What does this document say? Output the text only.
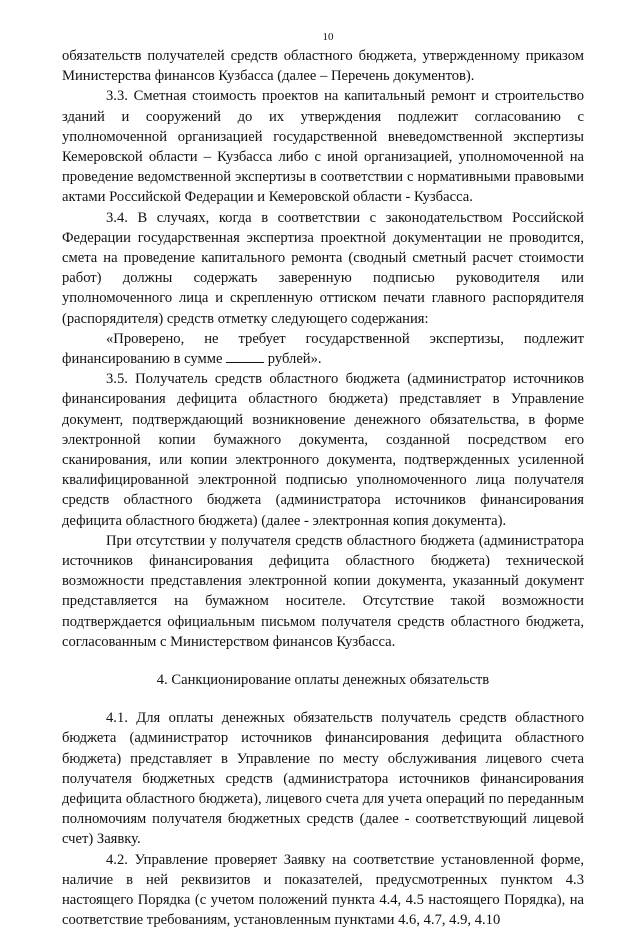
10

обязательств получателей средств областного бюджета, утвержденному приказом Министерства финансов Кузбасса (далее – Перечень документов).

3.3. Сметная стоимость проектов на капитальный ремонт и строительство зданий и сооружений до их утверждения подлежит согласованию с уполномоченной организацией государственной вневедомственной экспертизы Кемеровской области – Кузбасса либо с иной организацией, уполномоченной на проведение ведомственной экспертизы в соответствии с нормативными правовыми актами Российской Федерации и Кемеровской области - Кузбасса.

3.4. В случаях, когда в соответствии с законодательством Российской Федерации государственная экспертиза проектной документации не проводится, смета на проведение капитального ремонта (сводный сметный расчет стоимости работ) должны содержать заверенную подписью руководителя или уполномоченного лица и скрепленную оттиском печати главного распорядителя (распорядителя) средств отметку следующего содержания:

«Проверено, не требует государственной экспертизы, подлежит финансированию в сумме	рублей».

3.5. Получатель средств областного бюджета (администратор источников финансирования дефицита областного бюджета) представляет в Управление документ, подтверждающий возникновение денежного обязательства, в форме электронной копии бумажного документа, созданной посредством его сканирования, или копии электронного документа, подтвержденных усиленной квалифицированной электронной подписью уполномоченного лица получателя средств областного бюджета (администратора источников финансирования дефицита областного бюджета) (далее - электронная копия документа).

При отсутствии у получателя средств областного бюджета (администратора источников финансирования дефицита областного бюджета) технической возможности представления электронной копии документа, указанный документ представляется на бумажном носителе. Отсутствие такой возможности подтверждается официальным письмом получателя средств областного бюджета, согласованным с Министерством финансов Кузбасса.

4. Санкционирование оплаты денежных обязательств

4.1. Для оплаты денежных обязательств получатель средств областного бюджета (администратор источников финансирования дефицита областного бюджета) представляет в Управление по месту обслуживания лицевого счета получателя бюджетных средств (администратора источников финансирования дефицита областного бюджета), лицевого счета для учета операций по переданным полномочиям получателя бюджетных средств (далее - соответствующий лицевой счет) Заявку.

4.2. Управление проверяет Заявку на соответствие установленной форме, наличие в ней реквизитов и показателей, предусмотренных пунктом 4.3 настоящего Порядка (с учетом положений пункта 4.4, 4.5 настоящего Порядка), на соответствие требованиям, установленным пунктами 4.6, 4.7, 4.9, 4.10
